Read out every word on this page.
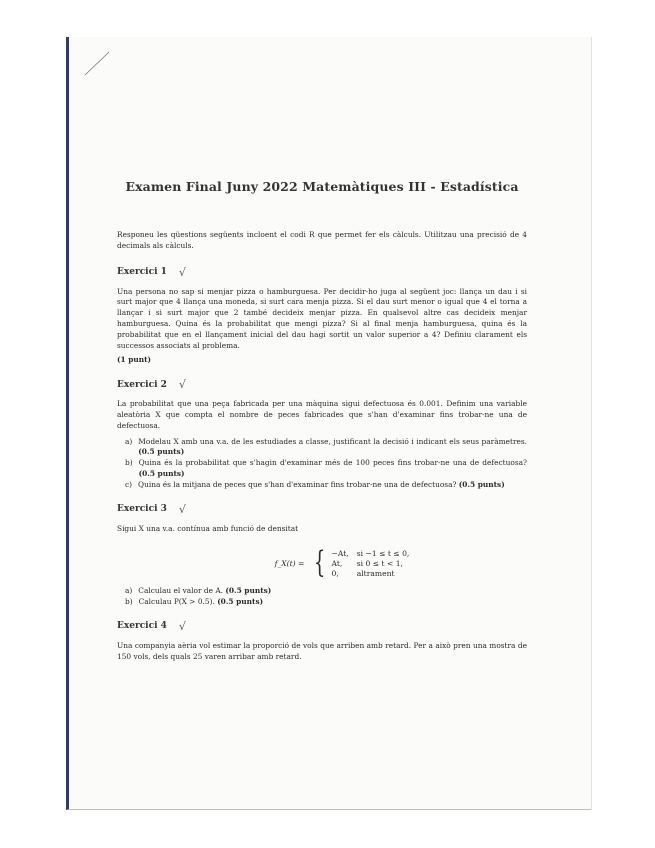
Examen Final Juny 2022 Matemàtiques III - Estadística

Responeu les qüestions següents incloent el codi R que permet fer els càlculs. Utilitzau una precisió de 4 decimals als càlculs.

Exercici 1 √

Una persona no sap si menjar pizza o hamburguesa. Per decidir-ho juga al següent joc: llança un dau i si surt major que 4 llança una moneda, si surt cara menja pizza. Si el dau surt menor o igual que 4 el torna a llançar i si surt major que 2 també decideix menjar pizza. En qualsevol altre cas decideix menjar hamburguesa. Quina és la probabilitat que mengi pizza? Si al final menja hamburguesa, quina és la probabilitat que en el llançament inicial del dau hagi sortit un valor superior a 4? Definiu clarament els successos associats al problema.

(1 punt)

Exercici 2 √

La probabilitat que una peça fabricada per una màquina sigui defectuosa és 0.001. Definim una variable aleatòria X que compta el nombre de peces fabricades que s'han d'examinar fins trobar-ne una de defectuosa.

a) Modelau X amb una v.a. de les estudiades a classe, justificant la decisió i indicant els seus paràmetres. (0.5 punts)
b) Quina és la probabilitat que s'hagin d'examinar més de 100 peces fins trobar-ne una de defectuosa? (0.5 punts)
c) Quina és la mitjana de peces que s'han d'examinar fins trobar-ne una de defectuosa? (0.5 punts)
Exercici 3 √

Sigui X una v.a. contínua amb funció de densitat

f_X(t) = { −At, si −1 ≤ t ≤ 0,
At,	si 0 ≤ t < 1,
0,	altrament
a) Calculau el valor de A. (0.5 punts)
b) Calculau P(X > 0.5). (0.5 punts)
Exercici 4 √

Una companyia aèria vol estimar la proporció de vols que arriben amb retard. Per a això pren una mostra de 150 vols, dels quals 25 varen arribar amb retard.
